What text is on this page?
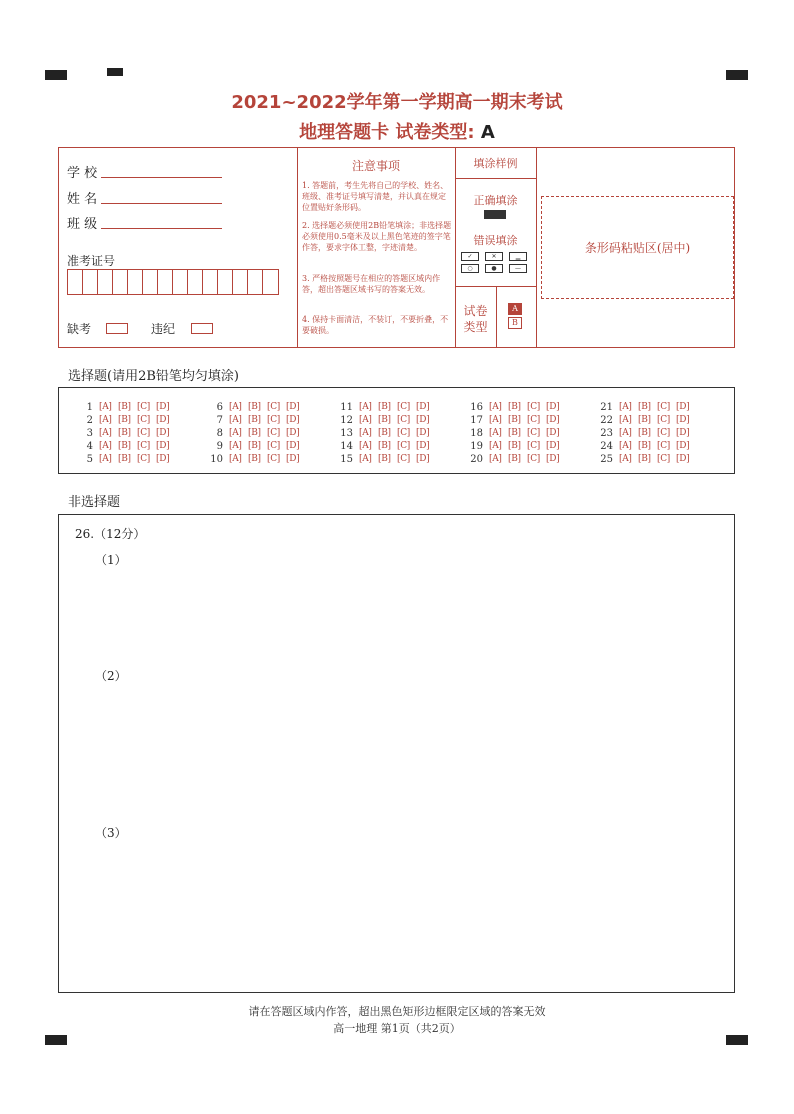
2021~2022学年第一学期高一期末考试
地理答题卡 试卷类型: A
学 校
姓 名
班 级
准考证号
缺考	违纪
注意事项
1. 答题前，考生先将自己的学校、姓名、班级、准考证号填写清楚，并认真在规定位置贴好条形码。
2. 选择题必须使用2B铅笔填涂；非选择题必须使用0.5毫米及以上黑色笔迹的签字笔作答，要求字体工整，字迹清楚。
3. 严格按照题号在相应的答题区域内作答，超出答题区域书写的答案无效。
4. 保持卡面清洁，不装订，不要折叠，不要破损。
填涂样例
正确填涂
错误填涂
✓	✕	▁
○	●	—
试卷
类型
A
B
条形码粘贴区(居中)
选择题(请用2B铅笔均匀填涂)
1 [A] [B] [C] [D]
2 [A] [B] [C] [D]
3 [A] [B] [C] [D]
4 [A] [B] [C] [D]
5 [A] [B] [C] [D]
6 [A] [B] [C] [D]
7 [A] [B] [C] [D]
8 [A] [B] [C] [D]
9 [A] [B] [C] [D]
10 [A] [B] [C] [D]
11 [A] [B] [C] [D]
12 [A] [B] [C] [D]
13 [A] [B] [C] [D]
14 [A] [B] [C] [D]
15 [A] [B] [C] [D]
16 [A] [B] [C] [D]
17 [A] [B] [C] [D]
18 [A] [B] [C] [D]
19 [A] [B] [C] [D]
20 [A] [B] [C] [D]
21 [A] [B] [C] [D]
22 [A] [B] [C] [D]
23 [A] [B] [C] [D]
24 [A] [B] [C] [D]
25 [A] [B] [C] [D]
非选择题
26.（12分）
（1）
（2）
（3）
请在答题区域内作答，超出黑色矩形边框限定区域的答案无效
高一地理 第1页（共2页）
